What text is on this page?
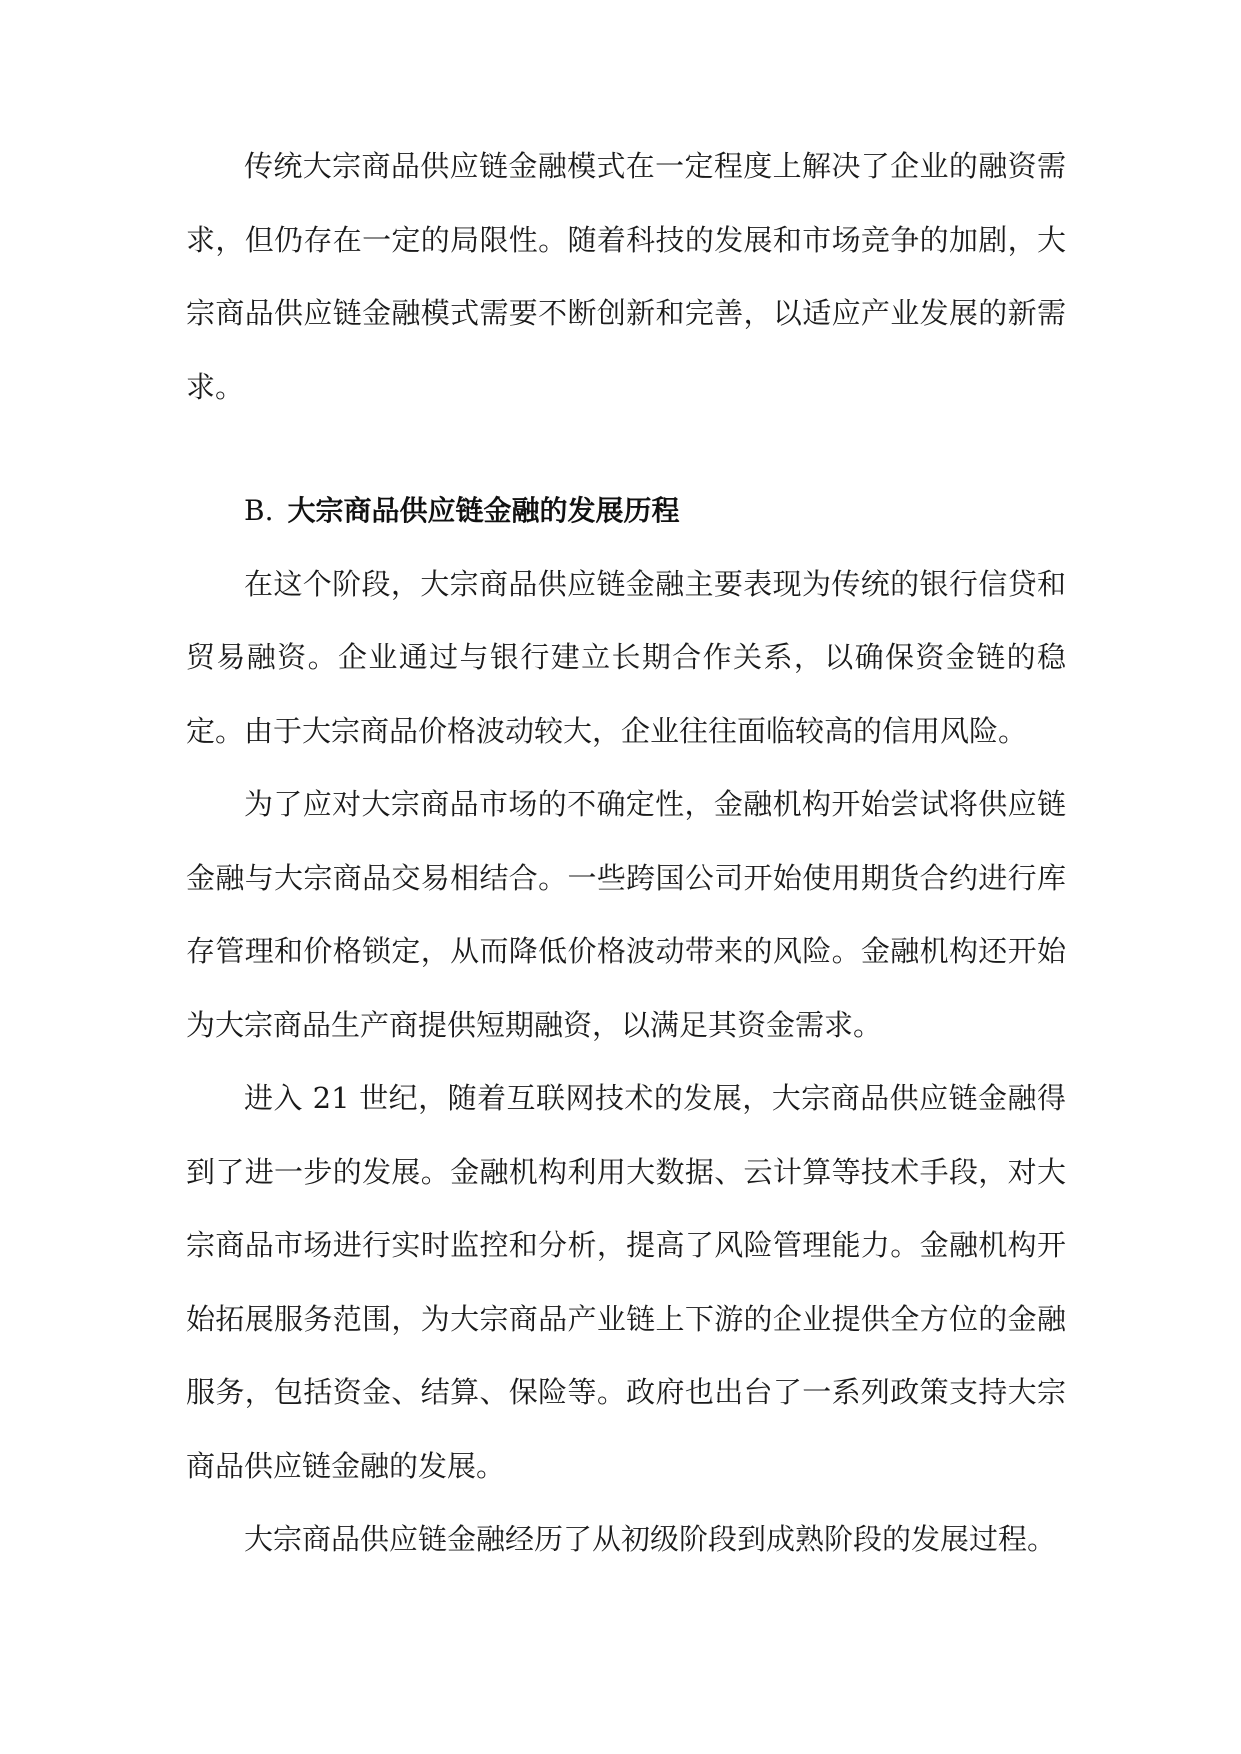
传统大宗商品供应链金融模式在一定程度上解决了企业的融资需求，但仍存在一定的局限性。随着科技的发展和市场竞争的加剧，大宗商品供应链金融模式需要不断创新和完善，以适应产业发展的新需求。

B. 大宗商品供应链金融的发展历程

在这个阶段，大宗商品供应链金融主要表现为传统的银行信贷和贸易融资。企业通过与银行建立长期合作关系，以确保资金链的稳定。由于大宗商品价格波动较大，企业往往面临较高的信用风险。

为了应对大宗商品市场的不确定性，金融机构开始尝试将供应链金融与大宗商品交易相结合。一些跨国公司开始使用期货合约进行库存管理和价格锁定，从而降低价格波动带来的风险。金融机构还开始为大宗商品生产商提供短期融资，以满足其资金需求。

进入 21 世纪，随着互联网技术的发展，大宗商品供应链金融得到了进一步的发展。金融机构利用大数据、云计算等技术手段，对大宗商品市场进行实时监控和分析，提高了风险管理能力。金融机构开始拓展服务范围，为大宗商品产业链上下游的企业提供全方位的金融服务，包括资金、结算、保险等。政府也出台了一系列政策支持大宗商品供应链金融的发展。

大宗商品供应链金融经历了从初级阶段到成熟阶段的发展过程。
